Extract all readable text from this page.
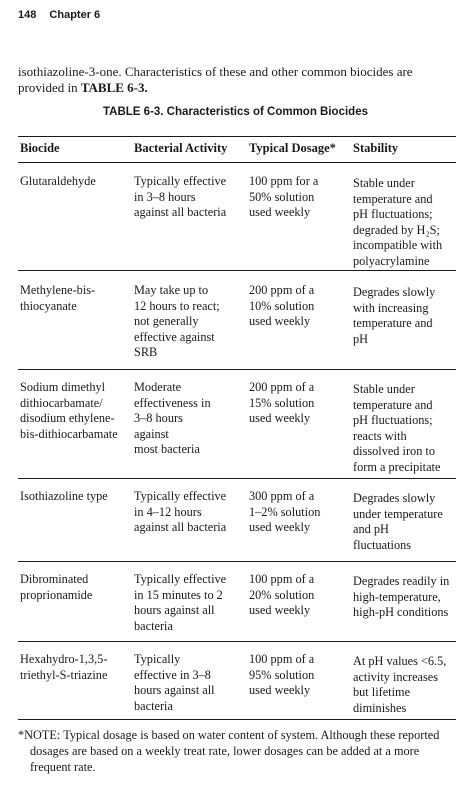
148 Chapter 6
isothiazoline-3-one. Characteristics of these and other common biocides are provided in TABLE 6-3.
TABLE 6-3. Characteristics of Common Biocides
Biocide	Bacterial Activity Typical Dosage* Stability
Glutaraldehyde	Typically effective
in 3–8 hours
against all bacteria
100 ppm for a
50% solution
used weekly
Stable under
temperature and
pH fluctuations;
degraded by H₂S;
incompatible with
polyacrylamine
Methylene-bis-
thiocyanate
May take up to
12 hours to react;
not generally
effective against
SRB
200 ppm of a
10% solution
used weekly
Degrades slowly
with increasing
temperature and
pH
Sodium dimethyl
dithiocarbamate/
disodium ethylene-
bis-dithiocarbamate
Moderate
effectiveness in
3–8 hours
against
most bacteria
200 ppm of a
15% solution
used weekly
Stable under
temperature and
pH fluctuations;
reacts with
dissolved iron to
form a precipitate
Isothiazoline type Typically effective
in 4–12 hours
against all bacteria
300 ppm of a
1–2% solution
used weekly
Degrades slowly
under temperature
and pH
fluctuations
Dibrominated
proprionamide
Typically effective
in 15 minutes to 2
hours against all
bacteria
100 ppm of a
20% solution
used weekly
Degrades readily in
high-temperature,
high-pH conditions
Hexahydro-1,3,5-
triethyl-S-triazine
Typically
effective in 3–8
hours against all
bacteria
100 ppm of a
95% solution
used weekly
At pH values <6.5,
activity increases
but lifetime
diminishes
*NOTE: Typical dosage is based on water content of system. Although these reported
dosages are based on a weekly treat rate, lower dosages can be added at a more
frequent rate.
